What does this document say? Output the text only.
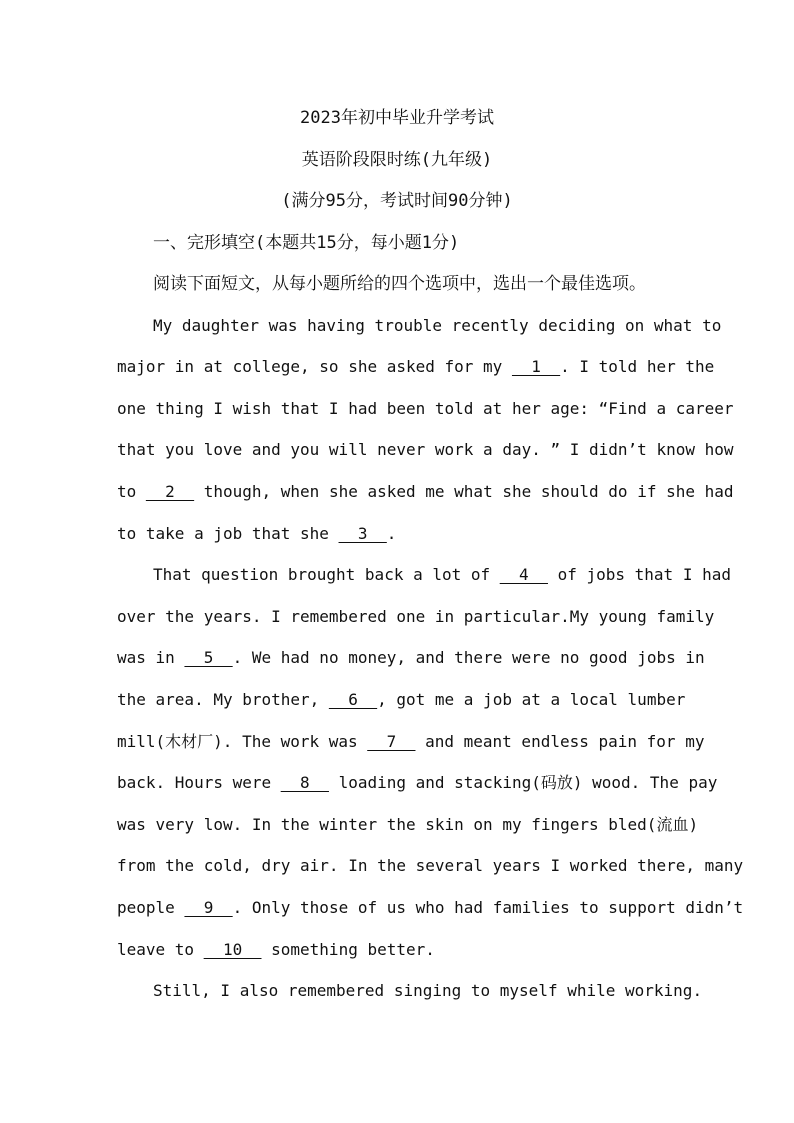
2023年初中毕业升学考试
英语阶段限时练(九年级)
(满分95分，考试时间90分钟)
一、完形填空(本题共15分，每小题1分)
阅读下面短文，从每小题所给的四个选项中，选出一个最佳选项。
My daughter was having trouble recently deciding on what to
major in at college, so she asked for my __1__. I told her the
one thing I wish that I had been told at her age: “Find a career
that you love and you will never work a day. ” I didn’t know how
to __2__ though, when she asked me what she should do if she had
to take a job that she __3__.
That question brought back a lot of __4__ of jobs that I had
over the years. I remembered one in particular.My young family
was in __5__. We had no money, and there were no good jobs in
the area. My brother, __6__, got me a job at a local lumber
mill(木材厂). The work was __7__ and meant endless pain for my
back. Hours were __8__ loading and stacking(码放) wood. The pay
was very low. In the winter the skin on my fingers bled(流血)
from the cold, dry air. In the several years I worked there, many
people __9__. Only those of us who had families to support didn’t
leave to __10__ something better.
Still, I also remembered singing to myself while working.
